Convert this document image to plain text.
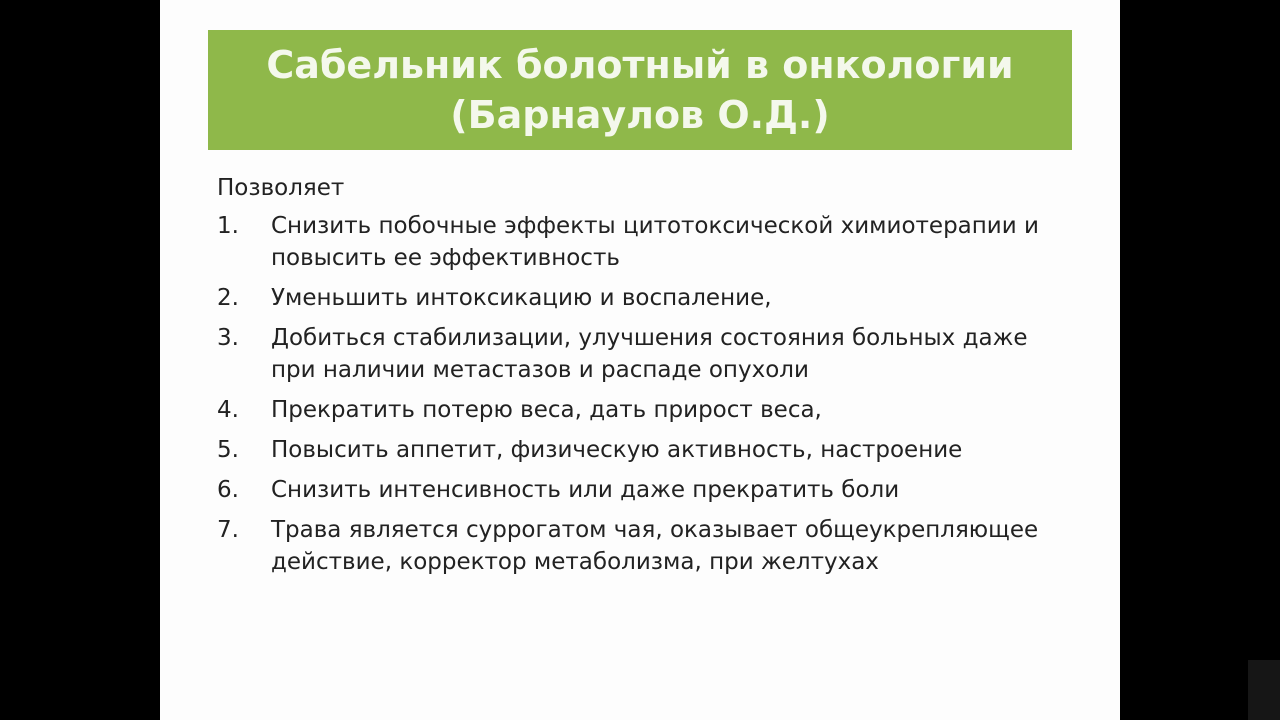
Сабельник болотный в онкологии
(Барнаулов О.Д.)
Позволяет
1.	Снизить побочные эффекты цитотоксической химиотерапии и повысить ее эффективность
2.	Уменьшить интоксикацию и воспаление,
3.	Добиться стабилизации, улучшения состояния больных даже при наличии метастазов и распаде опухоли
4.	Прекратить потерю веса, дать прирост веса,
5.	Повысить аппетит, физическую активность, настроение
6.	Снизить интенсивность или даже прекратить боли
7.	Трава является суррогатом чая, оказывает общеукрепляющее действие, корректор метаболизма, при желтухах
